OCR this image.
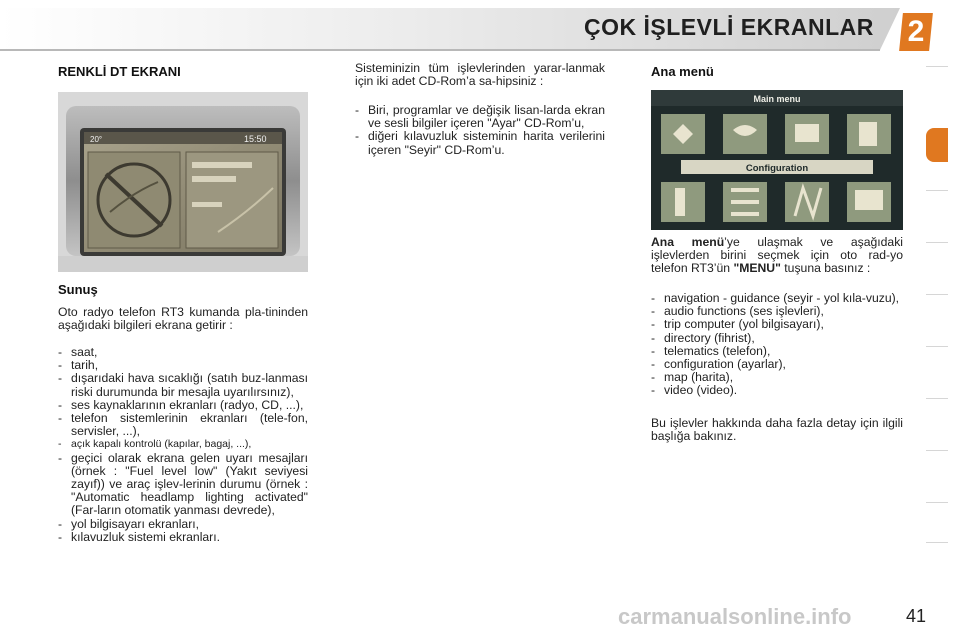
ÇOK İŞLEVLİ EKRANLAR	2
RENKLİ DT EKRANI
20°	15:50
Sunuş
Oto radyo telefon RT3 kumanda pla-tininden aşağıdaki bilgileri ekrana getirir :
- saat,
- tarih,
- dışarıdaki hava sıcaklığı (satıh buz-lanması riski durumunda bir mesajla uyarılırsınız),
- ses kaynaklarının ekranları (radyo, CD, ...),
- telefon sistemlerinin ekranları (tele-fon, servisler, ...),
- açık kapalı kontrolü (kapılar, bagaj, ...),
- geçici olarak ekrana gelen uyarı mesajları (örnek : "Fuel level low" (Yakıt seviyesi zayıf)) ve araç işlev-lerinin durumu (örnek : "Automatic headlamp lighting activated" (Far-ların otomatik yanması devrede),
- yol bilgisayarı ekranları,
- kılavuzluk sistemi ekranları.
Sisteminizin tüm işlevlerinden yarar-lanmak için iki adet CD-Rom’a sa-hipsiniz :
- Biri, programlar ve değişik lisan-larda ekran ve sesli bilgiler içeren "Ayar" CD-Rom’u,
- diğeri kılavuzluk sisteminin harita verilerini içeren "Seyir" CD-Rom’u.
Ana menü
Main menu
Configuration
Ana menü’ye ulaşmak ve aşağıdaki işlevlerden birini seçmek için oto rad-yo telefon RT3’ün "MENU" tuşuna basınız :
- navigation - guidance (seyir - yol kıla-vuzu),
- audio functions (ses işlevleri),
- trip computer (yol bilgisayarı),
- directory (fihrist),
- telematics (telefon),
- configuration (ayarlar),
- map (harita),
- video (video).
Bu işlevler hakkında daha fazla detay için ilgili başlığa bakınız.
carmanualsonline.info	41
